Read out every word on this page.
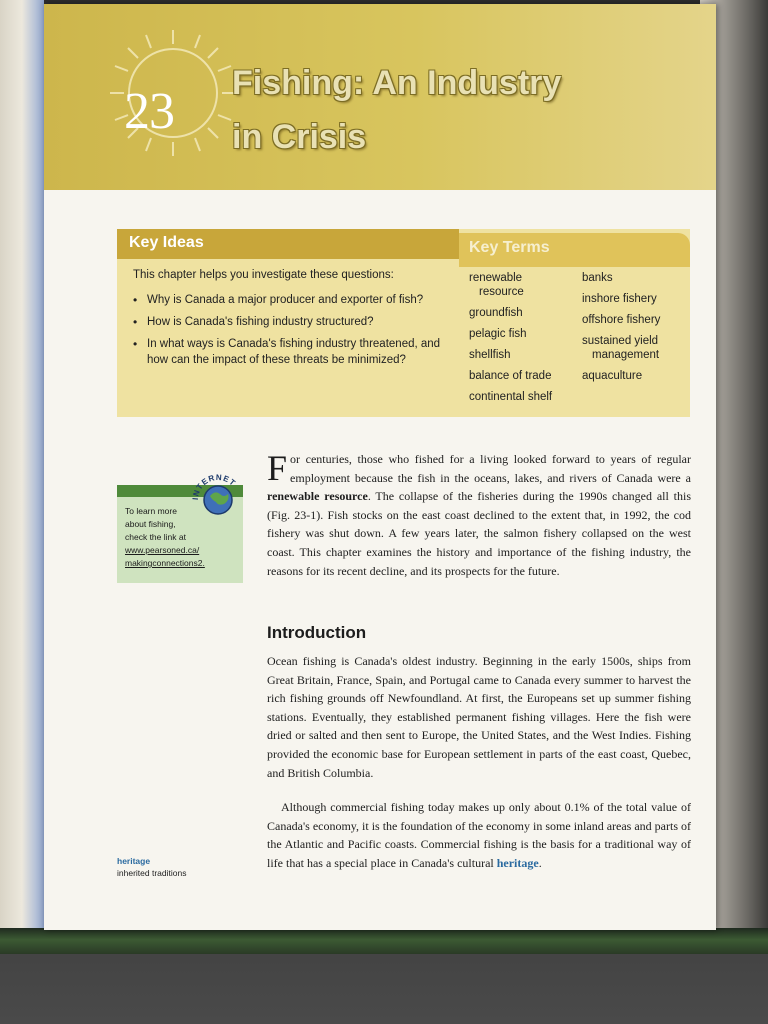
23 Fishing: An Industry
in Crisis
Key Ideas	Key Terms
This chapter helps you investigate these questions:
• Why is Canada a major producer and exporter of fish?
• How is Canada's fishing industry structured?
• In what ways is Canada's fishing industry threatened, and how can the impact of these threats be minimized?
renewable
resource
groundfish
pelagic fish
shellfish
balance of trade
continental shelf
banks
inshore fishery
offshore fishery
sustained yield
management
aquaculture
To learn more
about fishing,
check the link at
www.pearsoned.ca/
makingconnections2.
INTERNET For centuries, those who fished for a living looked forward to years of regular employment because the fish in the oceans, lakes, and rivers of Canada were a renewable resource. The collapse of the fisheries during the 1990s changed all this (Fig. 23-1). Fish stocks on the east coast declined to the extent that, in 1992, the cod fishery was shut down. A few years later, the salmon fishery collapsed on the west coast. This chapter examines the history and importance of the fishing industry, the reasons for its recent decline, and its prospects for the future.
Introduction
Ocean fishing is Canada's oldest industry. Beginning in the early 1500s, ships from Great Britain, France, Spain, and Portugal came to Canada every summer to harvest the rich fishing grounds off Newfoundland. At first, the Europeans set up summer fishing stations. Eventually, they established permanent fishing villages. Here the fish were dried or salted and then sent to Europe, the United States, and the West Indies. Fishing provided the economic base for European settlement in parts of the east coast, Quebec, and British Columbia.
Although commercial fishing today makes up only about 0.1% of the total value of Canada's economy, it is the foundation of the economy in some inland areas and parts of the Atlantic and Pacific coasts. Commercial fishing is the basis for a traditional way of life that has a special place in Canada's cultural heritage.
heritage
inherited traditions
